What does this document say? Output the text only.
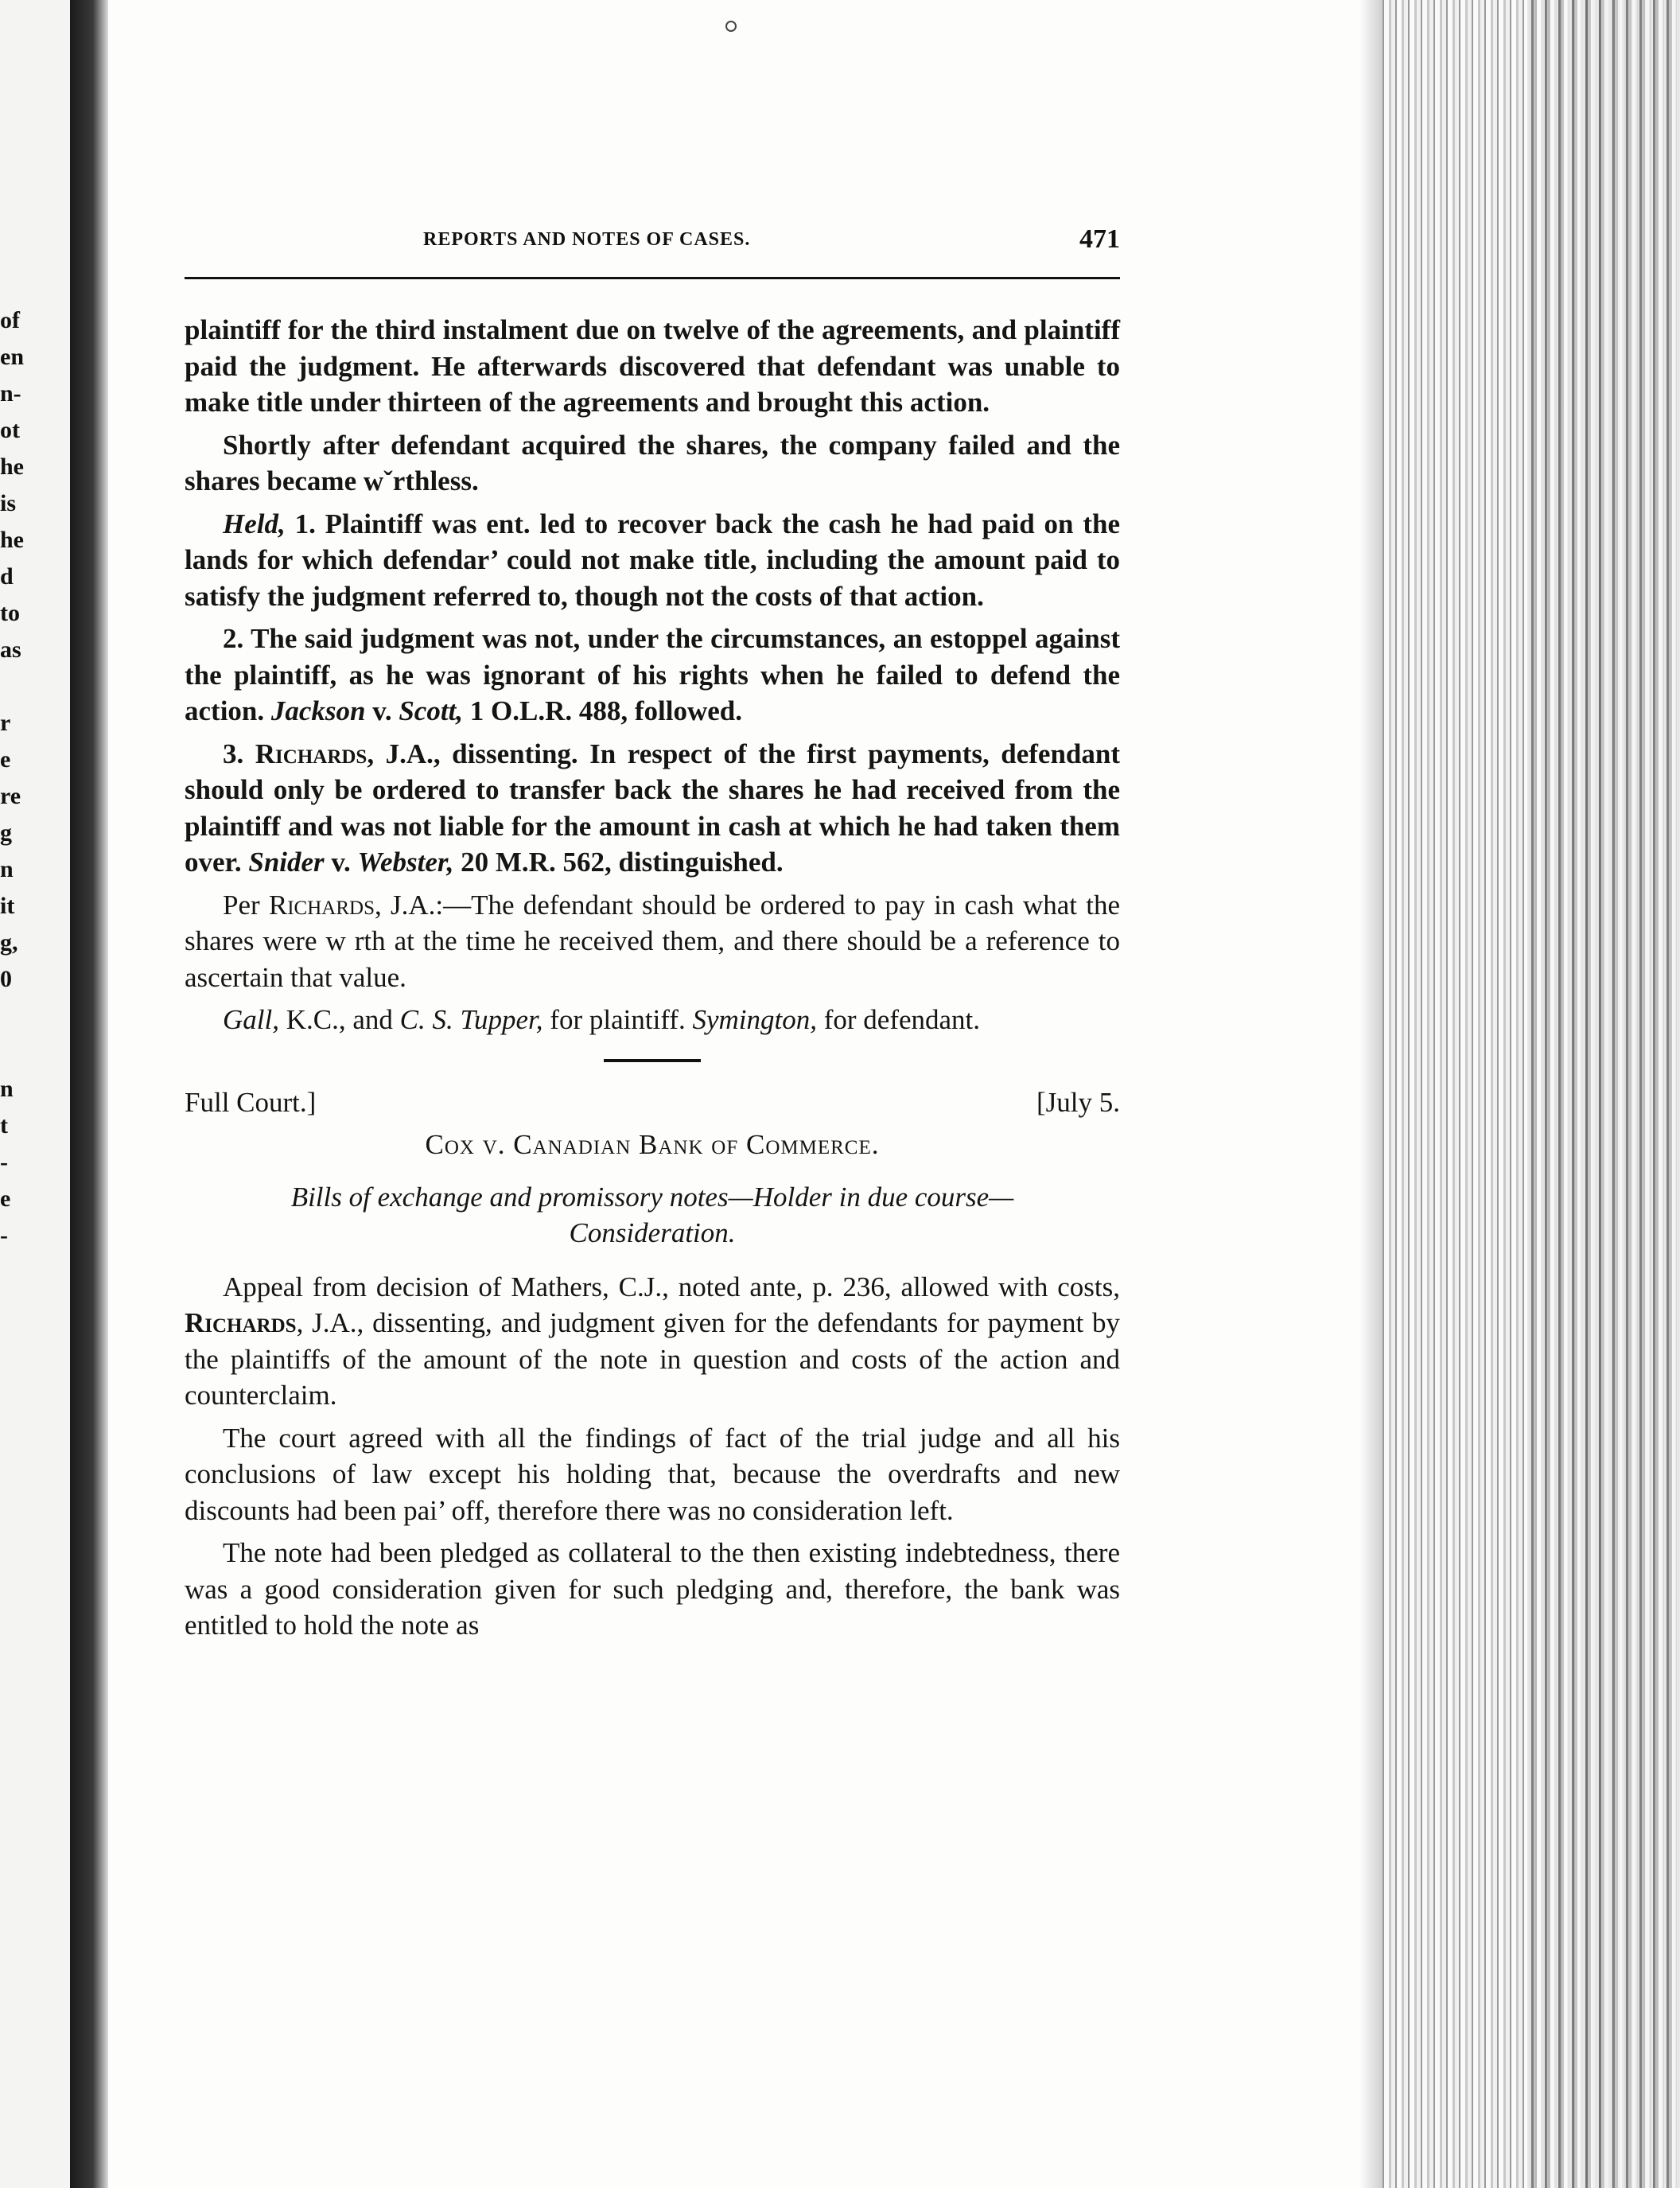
of
en
n-
ot
he
is
he
d
to
as
r
e
re
g
n
it
g,
0
n
t
-
e
-
REPORTS AND NOTES OF CASES.	471

plaintiff for the third instalment due on twelve of the agreements, and plaintiff paid the judgment. He afterwards discovered that defendant was unable to make title under thirteen of the agreements and brought this action.

Shortly after defendant acquired the shares, the company failed and the shares became wˇrthless.

Held, 1. Plaintiff was ent. led to recover back the cash he had paid on the lands for which defendar’ could not make title, including the amount paid to satisfy the judgment referred to, though not the costs of that action.

2. The said judgment was not, under the circumstances, an estoppel against the plaintiff, as he was ignorant of his rights when he failed to defend the action. Jackson v. Scott, 1 O.L.R. 488, followed.

3. Richards, J.A., dissenting. In respect of the first payments, defendant should only be ordered to transfer back the shares he had received from the plaintiff and was not liable for the amount in cash at which he had taken them over. Snider v. Webster, 20 M.R. 562, distinguished.

Per Richards, J.A.:—The defendant should be ordered to pay in cash what the shares were w rth at the time he received them, and there should be a reference to ascertain that value.

Gall, K.C., and C. S. Tupper, for plaintiff. Symington, for defendant.

Full Court.]	[July 5.
Cox v. Canadian Bank of Commerce.
Bills of exchange and promissory notes—Holder in due course—
Consideration.

Appeal from decision of Mathers, C.J., noted ante, p. 236, allowed with costs, Richards, J.A., dissenting, and judgment given for the defendants for payment by the plaintiffs of the amount of the note in question and costs of the action and counterclaim.

The court agreed with all the findings of fact of the trial judge and all his conclusions of law except his holding that, because the overdrafts and new discounts had been pai’ off, therefore there was no consideration left.

The note had been pledged as collateral to the then existing indebtedness, there was a good consideration given for such pledging and, therefore, the bank was entitled to hold the note as
